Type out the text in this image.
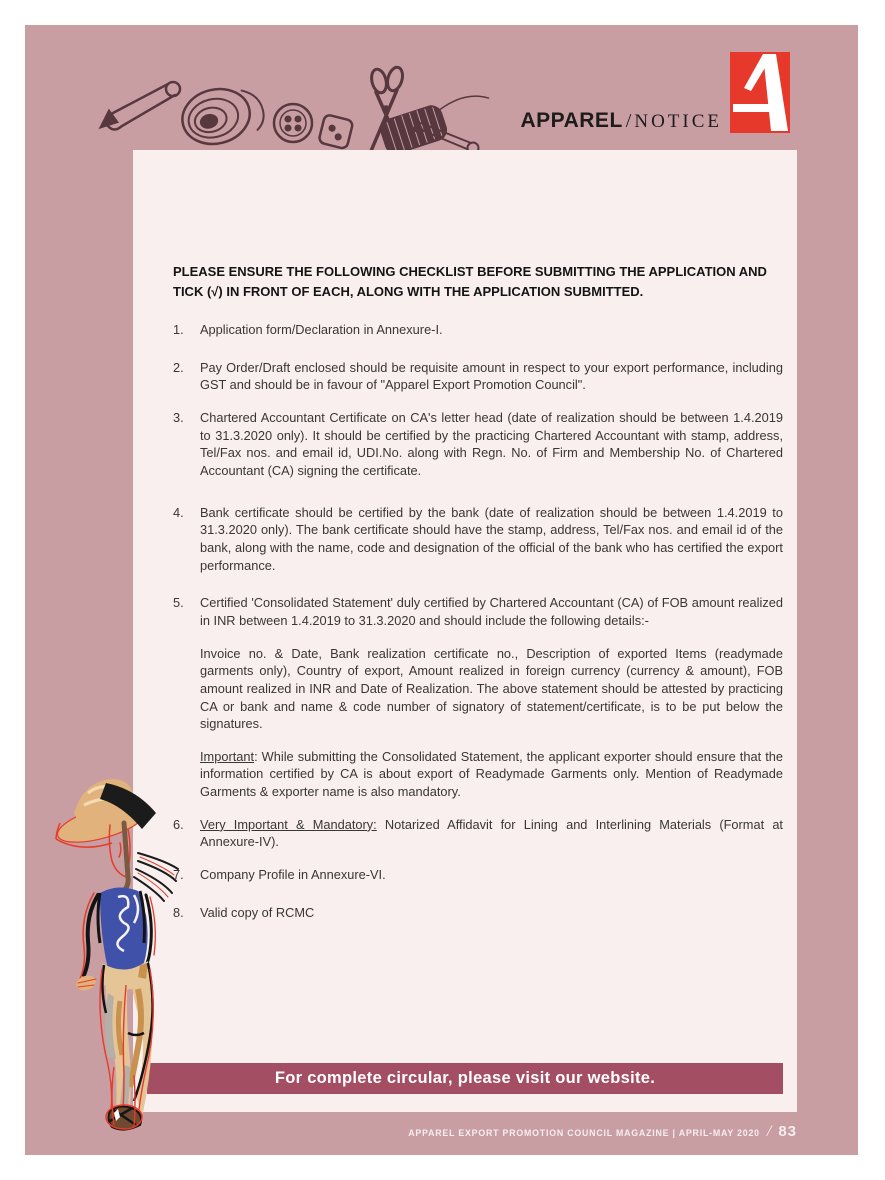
APPAREL / NOTICE

PLEASE ENSURE THE FOLLOWING CHECKLIST BEFORE SUBMITTING THE APPLICATION AND TICK (√) IN FRONT OF EACH, ALONG WITH THE APPLICATION SUBMITTED.

1.	Application form/Declaration in Annexure-I.
2.	Pay Order/Draft enclosed should be requisite amount in respect to your export performance, including GST and should be in favour of "Apparel Export Promotion Council".
3.	Chartered Accountant Certificate on CA's letter head (date of realization should be between 1.4.2019 to 31.3.2020 only). It should be certified by the practicing Chartered Accountant with stamp, address, Tel/Fax nos. and email id, UDI.No. along with Regn. No. of Firm and Membership No. of Chartered Accountant (CA) signing the certificate.
4.	Bank certificate should be certified by the bank (date of realization should be between 1.4.2019 to 31.3.2020 only). The bank certificate should have the stamp, address, Tel/Fax nos. and email id of the bank, along with the name, code and designation of the official of the bank who has certified the export performance.
5.	Certified 'Consolidated Statement' duly certified by Chartered Accountant (CA) of FOB amount realized in INR between 1.4.2019 to 31.3.2020 and should include the following details:-
Invoice no. & Date, Bank realization certificate no., Description of exported Items (readymade garments only), Country of export, Amount realized in foreign currency (currency & amount), FOB amount realized in INR and Date of Realization. The above statement should be attested by practicing CA or bank and name & code number of signatory of statement/certificate, is to be put below the signatures.
Important: While submitting the Consolidated Statement, the applicant exporter should ensure that the information certified by CA is about export of Readymade Garments only. Mention of Readymade Garments & exporter name is also mandatory.
6.	Very Important & Mandatory: Notarized Affidavit for Lining and Interlining Materials (Format at Annexure-IV).
7.	Company Profile in Annexure-VI.
8.	Valid copy of RCMC
For complete circular, please visit our website.
APPAREL EXPORT PROMOTION COUNCIL MAGAZINE | APRIL-MAY 2020 / 83
